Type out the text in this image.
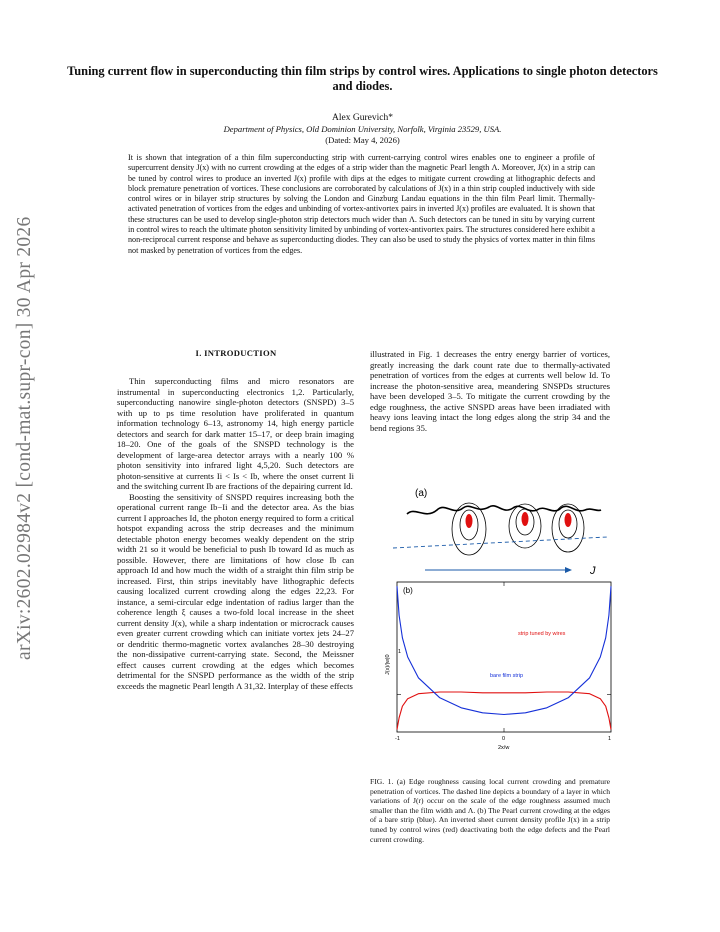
arXiv:2602.02984v2 [cond-mat.supr-con] 30 Apr 2026
Tuning current flow in superconducting thin film strips by control wires. Applications to single photon detectors and diodes.
Alex Gurevich*
Department of Physics, Old Dominion University, Norfolk, Virginia 23529, USA.
(Dated: May 4, 2026)
It is shown that integration of a thin film superconducting strip with current-carrying control wires enables one to engineer a profile of supercurrent density J(x) with no current crowding at the edges of a strip wider than the magnetic Pearl length Λ. Moreover, J(x) in a strip can be tuned by control wires to produce an inverted J(x) profile with dips at the edges to mitigate current crowding at lithographic defects and block premature penetration of vortices. These conclusions are corroborated by calculations of J(x) in a thin strip coupled inductively with side control wires or in bilayer strip structures by solving the London and Ginzburg Landau equations in the thin film Pearl limit. Thermally-activated penetration of vortices from the edges and unbinding of vortex-antivortex pairs in inverted J(x) profiles are evaluated. It is shown that these structures can be used to develop single-photon strip detectors much wider than Λ. Such detectors can be tuned in situ by varying current in control wires to reach the ultimate photon sensitivity limited by unbinding of vortex-antivortex pairs. The structures considered here exhibit a non-reciprocal current response and behave as superconducting diodes. They can also be used to study the physics of vortex matter in thin films not masked by penetration of vortices from the edges.
I. INTRODUCTION

Thin superconducting films and micro resonators are instrumental in superconducting electronics 1,2. Particularly, superconducting nanowire single-photon detectors (SNSPD) 3–5 with up to ps time resolution have proliferated in quantum information technology 6–13, astronomy 14, high energy particle detectors and search for dark matter 15–17, or deep brain imaging 18–20. One of the goals of the SNSPD technology is the development of large-area detector arrays with a nearly 100 % photon sensitivity into infrared light 4,5,20. Such detectors are photon-sensitive at currents Ii < Is < Ib, where the onset current Ii and the switching current Ib are fractions of the depairing current Id.

Boosting the sensitivity of SNSPD requires increasing both the operational current range Ib−Ii and the detector area. As the bias current I approaches Id, the photon energy required to form a critical hotspot expanding across the strip decreases and the minimum detectable photon energy becomes weakly dependent on the strip width 21 so it would be beneficial to push Ib toward Id as much as possible. However, there are limitations of how close Ib can approach Id and how much the width of a straight thin film strip be increased. First, thin strips inevitably have lithographic defects causing localized current crowding along the edges 22,23. For instance, a semi-circular edge indentation of radius larger than the coherence length ξ causes a two-fold local increase in the sheet current density J(x), while a sharp indentation or microcrack causes even greater current crowding which can initiate vortex jets 24–27 or dendritic thermo-magnetic vortex avalanches 28–30 destroying the non-dissipative current-carrying state. Second, the Meissner effect causes current crowding at the edges which becomes detrimental for the SNSPD performance as the width of the strip exceeds the magnetic Pearl length Λ 31,32. Interplay of these effects

illustrated in Fig. 1 decreases the entry energy barrier of vortices, greatly increasing the dark count rate due to thermally-activated penetration of vortices from the edges at currents well below Id. To increase the photon-sensitive area, meandering SNSPDs structures have been developed 3–5. To mitigate the current crowding by the edge roughness, the active SNSPD areas have been irradiated with heavy ions leaving intact the long edges along the strip 34 and the bend regions 35.
(a)
J
(b)
1
J(x)/|w|0
-1	0	1
2x/w
strip tuned by wires
bare film strip
FIG. 1. (a) Edge roughness causing local current crowding and premature penetration of vortices. The dashed line depicts a boundary of a layer in which variations of J(r) occur on the scale of the edge roughness assumed much smaller than the film width and Λ. (b) The Pearl current crowding at the edges of a bare strip (blue). An inverted sheet current density profile J(x) in a strip tuned by control wires (red) deactivating both the edge defects and the Pearl current crowding.
